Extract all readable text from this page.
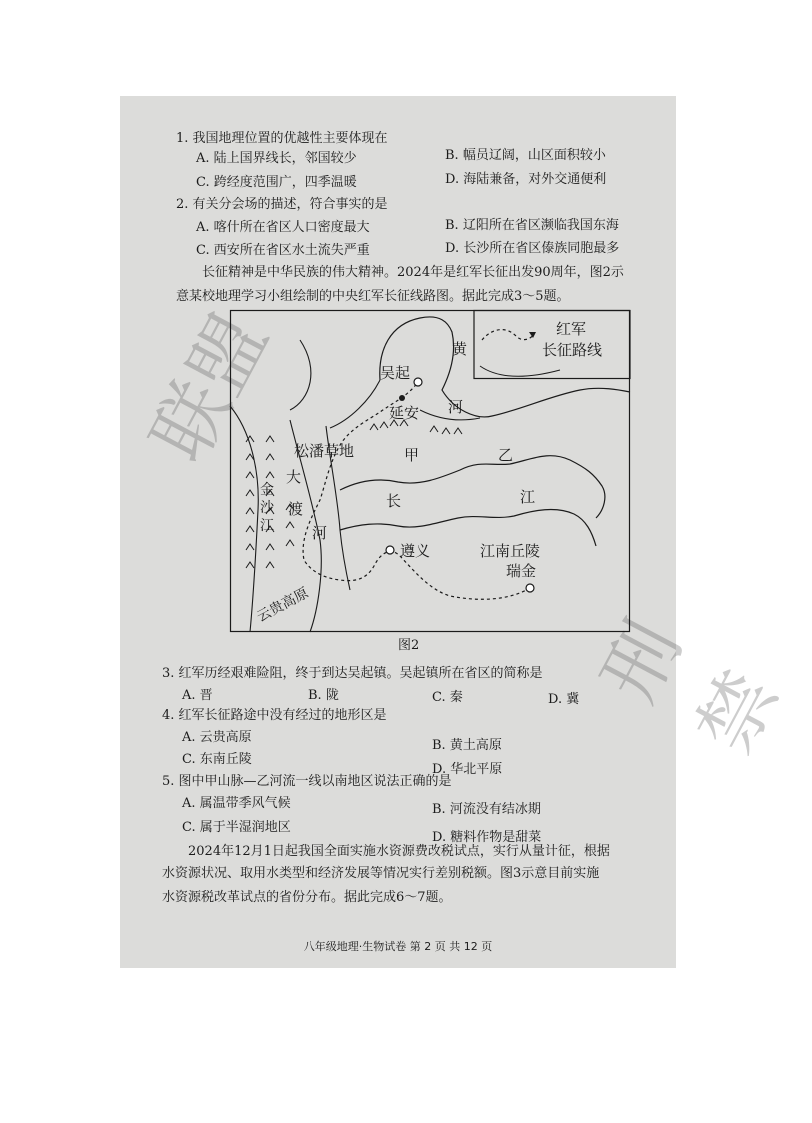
联盟
刑禁
1. 我国地理位置的优越性主要体现在
A. 陆上国界线长，邻国较少	B. 幅员辽阔，山区面积较小
C. 跨经度范围广，四季温暖	D. 海陆兼备，对外交通便利
2. 有关分会场的描述，符合事实的是
A. 喀什所在省区人口密度最大	B. 辽阳所在省区濒临我国东海
C. 西安所在省区水土流失严重	D. 长沙所在省区傣族同胞最多
长征精神是中华民族的伟大精神。2024年是红军长征出发90周年，图2示
意某校地理学习小组绘制的中央红军长征线路图。据此完成3～5题。
红军
长征路线
黄
河
吴起
延安
松潘草地	甲	乙
大
渡
河
长	江
金
沙
江
遵义	江南丘陵
瑞金
云贵高原
图2
3. 红军历经艰难险阻，终于到达吴起镇。吴起镇所在省区的简称是
A. 晋	B. 陇	C. 秦	D. 冀
4. 红军长征路途中没有经过的地形区是
A. 云贵高原
B. 黄土高原
C. 东南丘陵
D. 华北平原
5. 图中甲山脉—乙河流一线以南地区说法正确的是
A. 属温带季风气候	B. 河流没有结冰期
C. 属于半湿润地区
D. 糖料作物是甜菜
2024年12月1日起我国全面实施水资源费改税试点，实行从量计征，根据
水资源状况、取用水类型和经济发展等情况实行差别税额。图3示意目前实施
水资源税改革试点的省份分布。据此完成6～7题。
八年级地理·生物试卷 第 2 页 共 12 页
